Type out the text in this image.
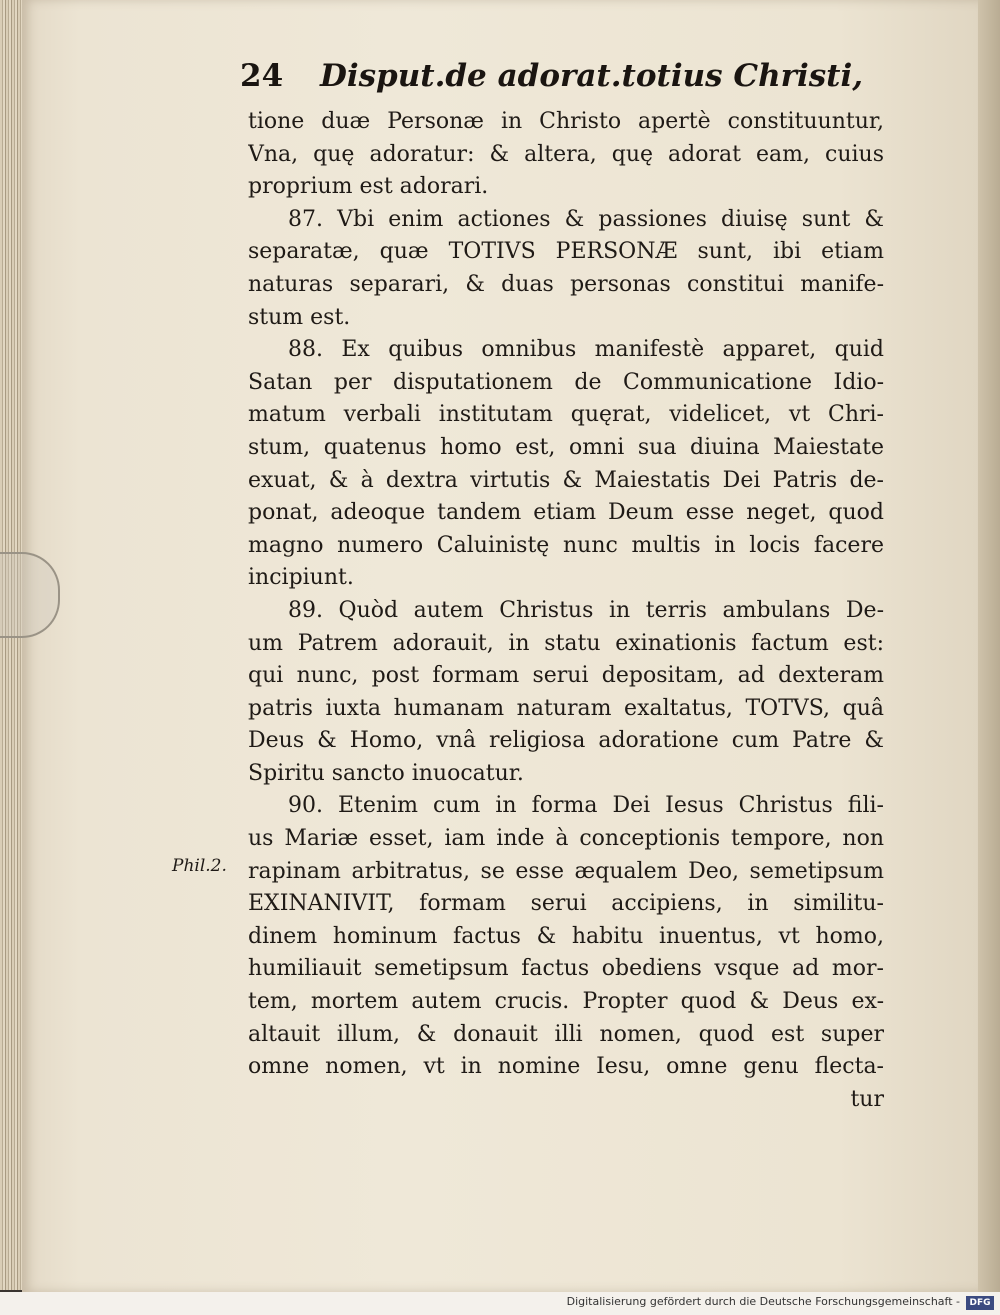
24 Disput.de adorat.totius Christi,
Phil.2.
tione duæ Personæ in Christo apertè constituuntur,
Vna, quę adoratur: & altera, quę adorat eam, cuius
proprium est adorari.
87. Vbi enim actiones & passiones diuisę sunt &
separatæ, quæ TOTIVS PERSONÆ sunt, ibi etiam
naturas separari, & duas personas constitui manife-
stum est.
88. Ex quibus omnibus manifestè apparet, quid
Satan per disputationem de Communicatione Idio-
matum verbali institutam quęrat, videlicet, vt Chri-
stum, quatenus homo est, omni sua diuina Maiestate
exuat, & à dextra virtutis & Maiestatis Dei Patris de-
ponat, adeoque tandem etiam Deum esse neget, quod
magno numero Caluinistę nunc multis in locis facere
incipiunt.
89. Quòd autem Christus in terris ambulans De-
um Patrem adorauit, in statu exinationis factum est:
qui nunc, post formam serui depositam, ad dexteram
patris iuxta humanam naturam exaltatus, TOTVS, quâ
Deus & Homo, vnâ religiosa adoratione cum Patre &
Spiritu sancto inuocatur.
90. Etenim cum in forma Dei Iesus Christus fili-
us Mariæ esset, iam inde à conceptionis tempore, non
rapinam arbitratus, se esse æqualem Deo, semetipsum
EXINANIVIT, formam serui accipiens, in similitu-
dinem hominum factus & habitu inuentus, vt homo,
humiliauit semetipsum factus obediens vsque ad mor-
tem, mortem autem crucis. Propter quod & Deus ex-
altauit illum, & donauit illi nomen, quod est super
omne nomen, vt in nomine Iesu, omne genu flecta-
tur
Digitalisierung gefördert durch die Deutsche Forschungsgemeinschaft -	DFG
